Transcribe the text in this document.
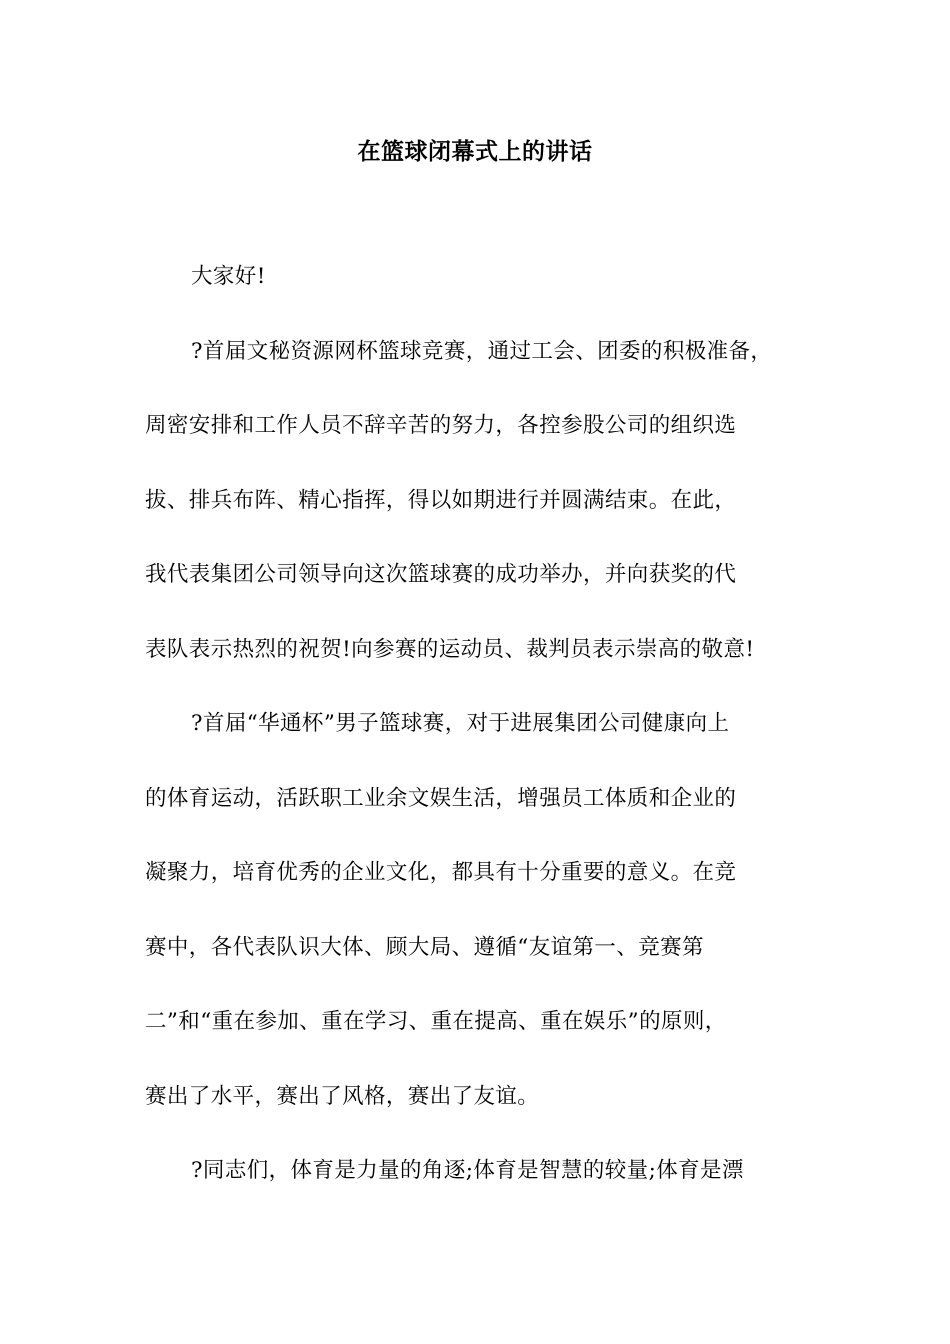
在篮球闭幕式上的讲话
大家好!
?首届文秘资源网杯篮球竞赛，通过工会、团委的积极准备，
周密安排和工作人员不辞辛苦的努力，各控参股公司的组织选
拔、排兵布阵、精心指挥，得以如期进行并圆满结束。在此，
我代表集团公司领导向这次篮球赛的成功举办，并向获奖的代
表队表示热烈的祝贺!向参赛的运动员、裁判员表示崇高的敬意!
?首届“华通杯”男子篮球赛，对于进展集团公司健康向上
的体育运动，活跃职工业余文娱生活，增强员工体质和企业的
凝聚力，培育优秀的企业文化，都具有十分重要的意义。在竞
赛中，各代表队识大体、顾大局、遵循“友谊第一、竞赛第
二”和“重在参加、重在学习、重在提高、重在娱乐”的原则，
赛出了水平，赛出了风格，赛出了友谊。
?同志们，体育是力量的角逐;体育是智慧的较量;体育是漂
